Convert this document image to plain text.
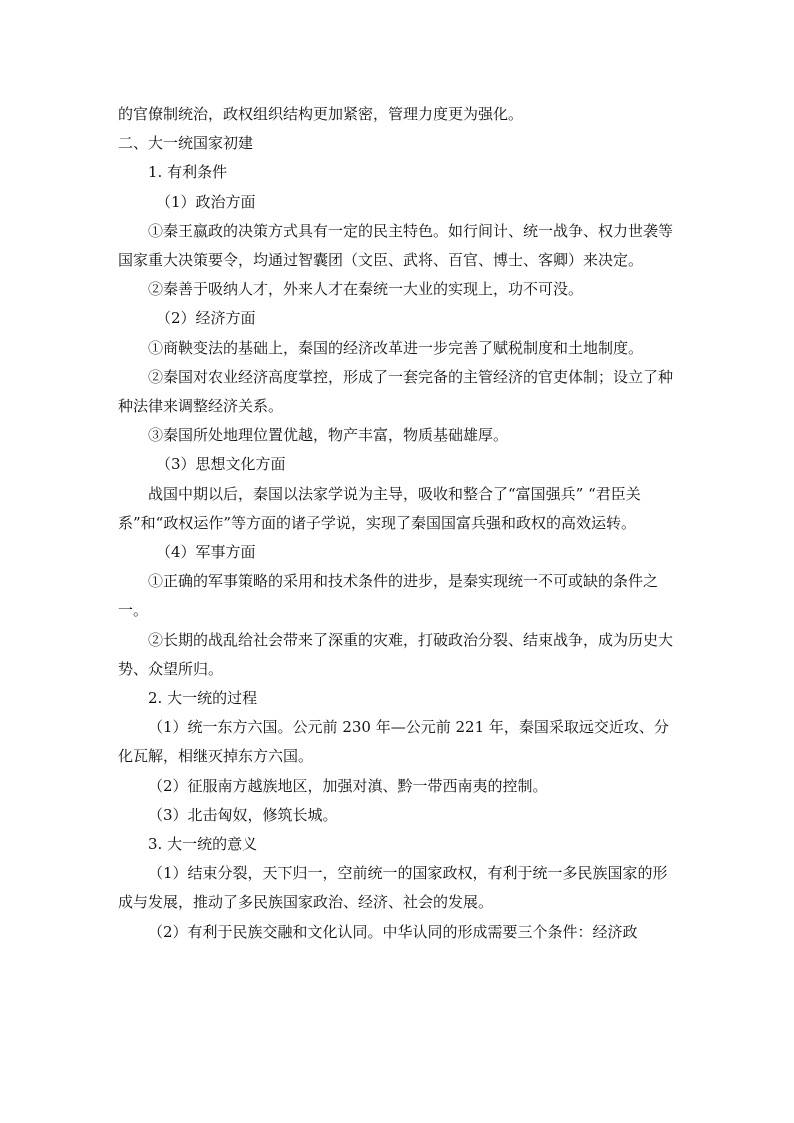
的官僚制统治，政权组织结构更加紧密，管理力度更为强化。

二、大一统国家初建

1. 有利条件

（1）政治方面

①秦王嬴政的决策方式具有一定的民主特色。如行间计、统一战争、权力世袭等国家重大决策要令，均通过智囊团（文臣、武将、百官、博士、客卿）来决定。

②秦善于吸纳人才，外来人才在秦统一大业的实现上，功不可没。

（2）经济方面

①商鞅变法的基础上，秦国的经济改革进一步完善了赋税制度和土地制度。

②秦国对农业经济高度掌控，形成了一套完备的主管经济的官吏体制；设立了种种法律来调整经济关系。

③秦国所处地理位置优越，物产丰富，物质基础雄厚。

（3）思想文化方面

战国中期以后，秦国以法家学说为主导，吸收和整合了“富国强兵” “君臣关系”和“政权运作”等方面的诸子学说，实现了秦国国富兵强和政权的高效运转。

（4）军事方面

①正确的军事策略的采用和技术条件的进步，是秦实现统一不可或缺的条件之一。

②长期的战乱给社会带来了深重的灾难，打破政治分裂、结束战争，成为历史大势、众望所归。

2. 大一统的过程

（1）统一东方六国。公元前 230 年—公元前 221 年，秦国采取远交近攻、分化瓦解，相继灭掉东方六国。

（2）征服南方越族地区，加强对滇、黔一带西南夷的控制。

（3）北击匈奴，修筑长城。

3. 大一统的意义

（1）结束分裂，天下归一，空前统一的国家政权，有利于统一多民族国家的形成与发展，推动了多民族国家政治、经济、社会的发展。

（2）有利于民族交融和文化认同。中华认同的形成需要三个条件：经济政
